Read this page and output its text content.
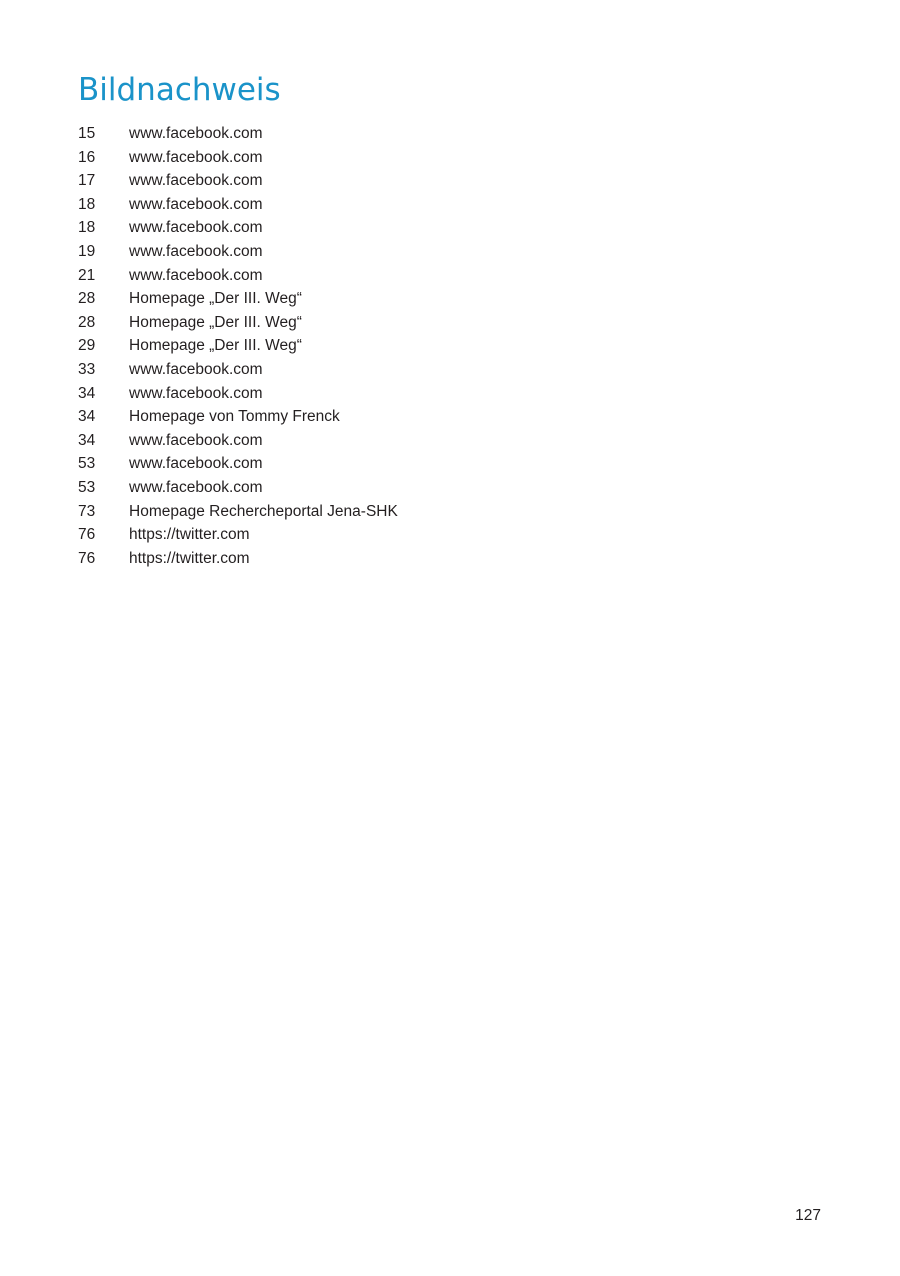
Bildnachweis
15	www.facebook.com
16	www.facebook.com
17	www.facebook.com
18	www.facebook.com
18	www.facebook.com
19	www.facebook.com
21	www.facebook.com
28	Homepage „Der III. Weg“
28	Homepage „Der III. Weg“
29	Homepage „Der III. Weg“
33	www.facebook.com
34	www.facebook.com
34	Homepage von Tommy Frenck
34	www.facebook.com
53	www.facebook.com
53	www.facebook.com
73	Homepage Rechercheportal Jena-SHK
76	https://twitter.com
76	https://twitter.com
127
